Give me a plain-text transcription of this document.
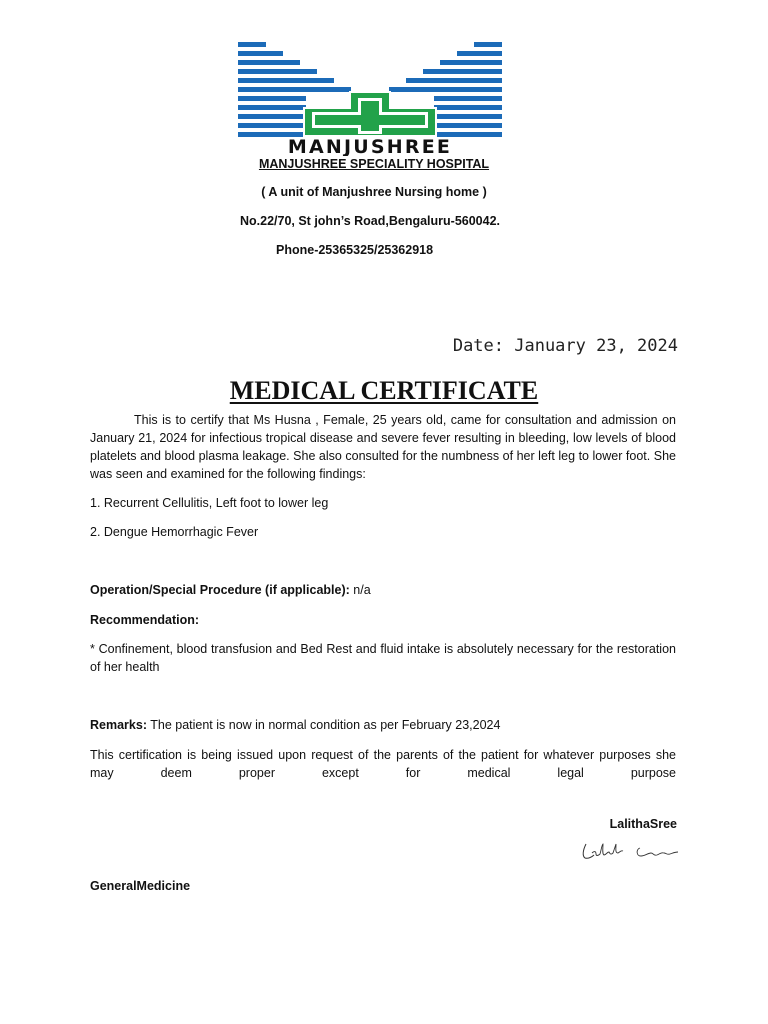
MANJUSHREE
MANJUSHREE SPECIALITY HOSPITAL
( A unit of Manjushree Nursing home )
No.22/70, St john’s Road,Bengaluru-560042.
Phone-25365325/25362918
Date: January 23, 2024
MEDICAL CERTIFICATE
This is to certify that Ms Husna , Female, 25 years old, came for consultation and admission on January 21, 2024 for infectious tropical disease and severe fever resulting in bleeding, low levels of blood platelets and blood plasma leakage. She also consulted for the numbness of her left leg to lower foot. She was seen and examined for the following findings:
1. Recurrent Cellulitis, Left foot to lower leg
2. Dengue Hemorrhagic Fever
Operation/Special Procedure (if applicable): n/a
Recommendation:
* Confinement, blood transfusion and Bed Rest and fluid intake is absolutely necessary for the restoration of her health
Remarks: The patient is now in normal condition as per February 23,2024
This certification is being issued upon request of the parents of the patient for whatever purposes she may deem proper except for medical legal purpose
LalithaSree
GeneralMedicine
